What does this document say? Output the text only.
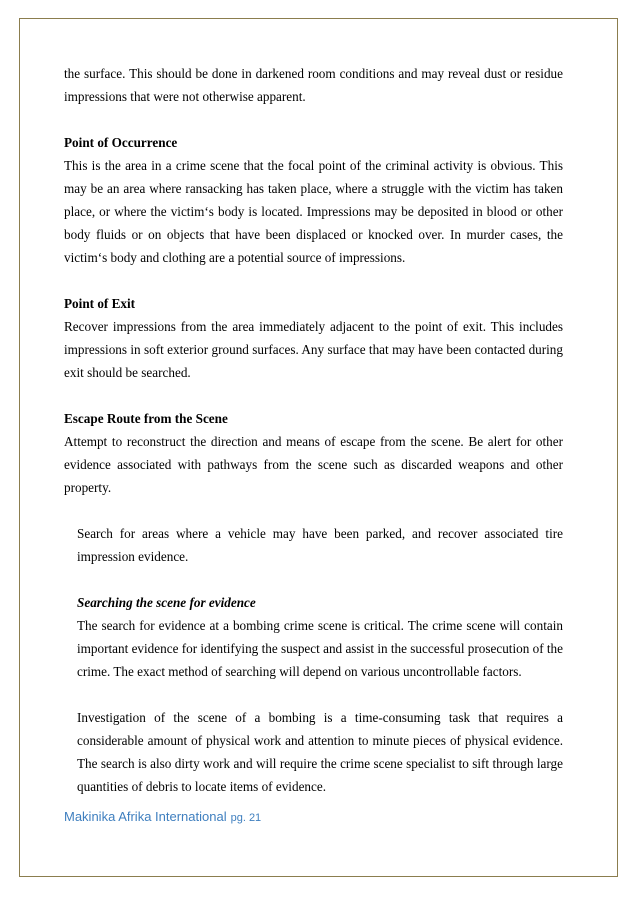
the surface. This should be done in darkened room conditions and may reveal dust or residue impressions that were not otherwise apparent.

Point of Occurrence

This is the area in a crime scene that the focal point of the criminal activity is obvious. This may be an area where ransacking has taken place, where a struggle with the victim has taken place, or where the victim‘s body is located. Impressions may be deposited in blood or other body fluids or on objects that have been displaced or knocked over. In murder cases, the victim‘s body and clothing are a potential source of impressions.

Point of Exit

Recover impressions from the area immediately adjacent to the point of exit. This includes impressions in soft exterior ground surfaces. Any surface that may have been contacted during exit should be searched.

Escape Route from the Scene

Attempt to reconstruct the direction and means of escape from the scene. Be alert for other evidence associated with pathways from the scene such as discarded weapons and other property.

Search for areas where a vehicle may have been parked, and recover associated tire impression evidence.

Searching the scene for evidence

The search for evidence at a bombing crime scene is critical. The crime scene will contain important evidence for identifying the suspect and assist in the successful prosecution of the crime. The exact method of searching will depend on various uncontrollable factors.

Investigation of the scene of a bombing is a time-consuming task that requires a considerable amount of physical work and attention to minute pieces of physical evidence. The search is also dirty work and will require the crime scene specialist to sift through large quantities of debris to locate items of evidence.

Makinika Afrika International pg. 21
